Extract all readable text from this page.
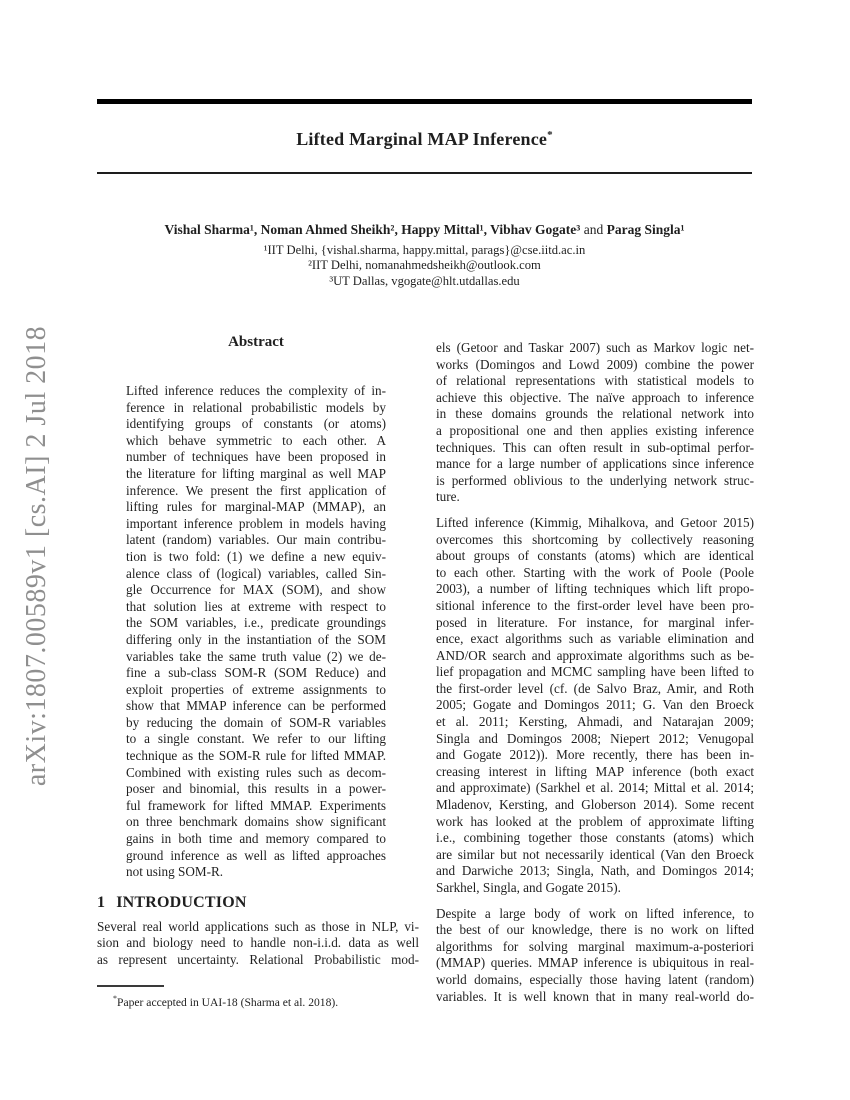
Lifted Marginal MAP Inference*
Vishal Sharma¹, Noman Ahmed Sheikh², Happy Mittal¹, Vibhav Gogate³ and Parag Singla¹
¹IIT Delhi, {vishal.sharma, happy.mittal, parags}@cse.iitd.ac.in
²IIT Delhi, nomanahmedsheikh@outlook.com
³UT Dallas, vgogate@hlt.utdallas.edu
arXiv:1807.00589v1 [cs.AI] 2 Jul 2018	Abstract
Lifted inference reduces the complexity of in-
ference in relational probabilistic models by
identifying groups of constants (or atoms)
which behave symmetric to each other. A
number of techniques have been proposed in
the literature for lifting marginal as well MAP
inference. We present the first application of
lifting rules for marginal-MAP (MMAP), an
important inference problem in models having
latent (random) variables. Our main contribu-
tion is two fold: (1) we define a new equiv-
alence class of (logical) variables, called Sin-
gle Occurrence for MAX (SOM), and show
that solution lies at extreme with respect to
the SOM variables, i.e., predicate groundings
differing only in the instantiation of the SOM
variables take the same truth value (2) we de-
fine a sub-class SOM-R (SOM Reduce) and
exploit properties of extreme assignments to
show that MMAP inference can be performed
by reducing the domain of SOM-R variables
to a single constant. We refer to our lifting
technique as the SOM-R rule for lifted MMAP.
Combined with existing rules such as decom-
poser and binomial, this results in a power-
ful framework for lifted MMAP. Experiments
on three benchmark domains show significant
gains in both time and memory compared to
ground inference as well as lifted approaches
not using SOM-R.
1 INTRODUCTION
Several real world applications such as those in NLP, vi-
sion and biology need to handle non-i.i.d. data as well
as represent uncertainty. Relational Probabilistic mod-
els (Getoor and Taskar 2007) such as Markov logic net-
works (Domingos and Lowd 2009) combine the power
of relational representations with statistical models to
achieve this objective. The naïve approach to inference
in these domains grounds the relational network into
a propositional one and then applies existing inference
techniques. This can often result in sub-optimal perfor-
mance for a large number of applications since inference
is performed oblivious to the underlying network struc-
ture.
Lifted inference (Kimmig, Mihalkova, and Getoor 2015)
overcomes this shortcoming by collectively reasoning
about groups of constants (atoms) which are identical
to each other. Starting with the work of Poole (Poole
2003), a number of lifting techniques which lift propo-
sitional inference to the first-order level have been pro-
posed in literature. For instance, for marginal infer-
ence, exact algorithms such as variable elimination and
AND/OR search and approximate algorithms such as be-
lief propagation and MCMC sampling have been lifted to
the first-order level (cf. (de Salvo Braz, Amir, and Roth
2005; Gogate and Domingos 2011; G. Van den Broeck
et al. 2011; Kersting, Ahmadi, and Natarajan 2009;
Singla and Domingos 2008; Niepert 2012; Venugopal
and Gogate 2012)). More recently, there has been in-
creasing interest in lifting MAP inference (both exact
and approximate) (Sarkhel et al. 2014; Mittal et al. 2014;
Mladenov, Kersting, and Globerson 2014). Some recent
work has looked at the problem of approximate lifting
i.e., combining together those constants (atoms) which
are similar but not necessarily identical (Van den Broeck
and Darwiche 2013; Singla, Nath, and Domingos 2014;
Sarkhel, Singla, and Gogate 2015).
Despite a large body of work on lifted inference, to
the best of our knowledge, there is no work on lifted
algorithms for solving marginal maximum-a-posteriori
(MMAP) queries. MMAP inference is ubiquitous in real-
world domains, especially those having latent (random)
variables. It is well known that in many real-world do-
*Paper accepted in UAI-18 (Sharma et al. 2018).
